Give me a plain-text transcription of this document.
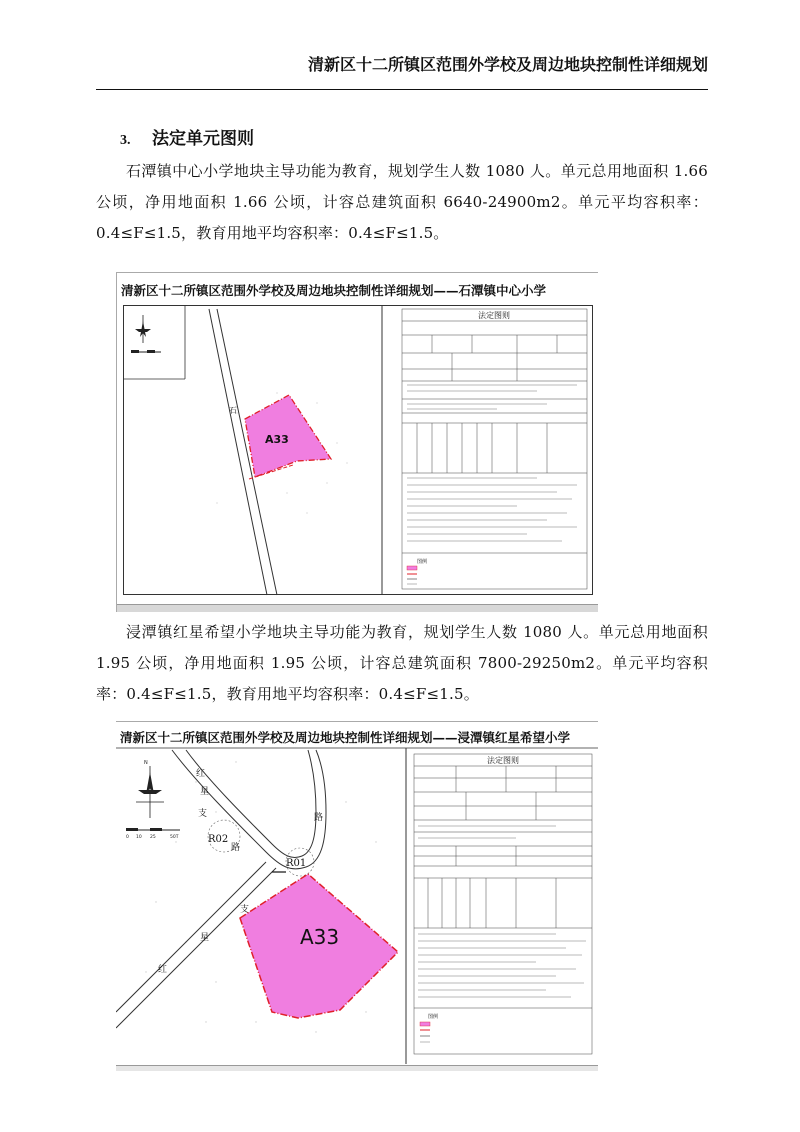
清新区十二所镇区范围外学校及周边地块控制性详细规划
3. 法定单元图则
石潭镇中心小学地块主导功能为教育，规划学生人数 1080 人。单元总用地面积 1.66 公顷，净用地面积 1.66 公顷，计容总建筑面积 6640-24900m2。单元平均容积率：0.4≤F≤1.5，教育用地平均容积率：0.4≤F≤1.5。
清新区十二所镇区范围外学校及周边地块控制性详细规划——石潭镇中心小学
A33
石
法定图则
图例
浸潭镇红星希望小学地块主导功能为教育，规划学生人数 1080 人。单元总用地面积 1.95 公顷，净用地面积 1.95 公顷，计容总建筑面积 7800-29250m2。单元平均容积率：0.4≤F≤1.5，教育用地平均容积率：0.4≤F≤1.5。
清新区十二所镇区范围外学校及周边地块控制性详细规划——浸潭镇红星希望小学
N
0 10 25	50T	R02
R01
红
星
支
路
路
支
星
红
A33
法定图则
图例
